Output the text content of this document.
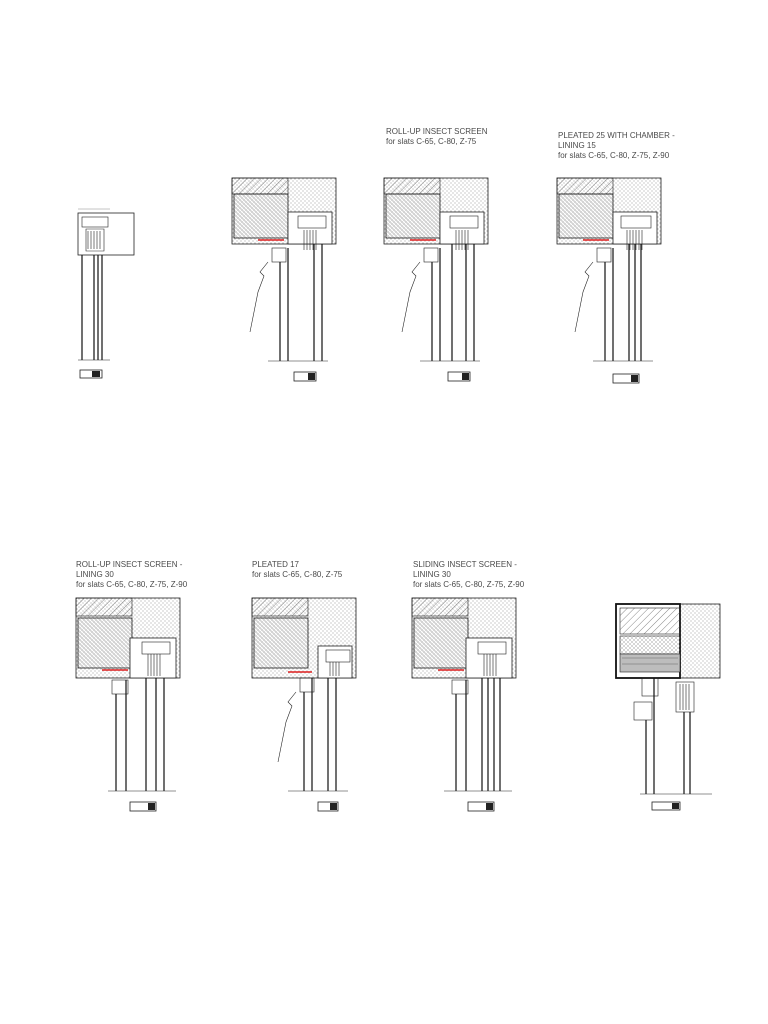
ROLL-UP INSECT SCREEN
for slats C-65, C-80, Z-75
PLEATED 25 WITH CHAMBER -
LINING 15
for slats C-65, C-80, Z-75, Z-90
ROLL-UP INSECT SCREEN -
LINING 30
for slats C-65, C-80, Z-75, Z-90
PLEATED 17
for slats C-65, C-80, Z-75
SLIDING INSECT SCREEN -
LINING 30
for slats C-65, C-80, Z-75, Z-90
